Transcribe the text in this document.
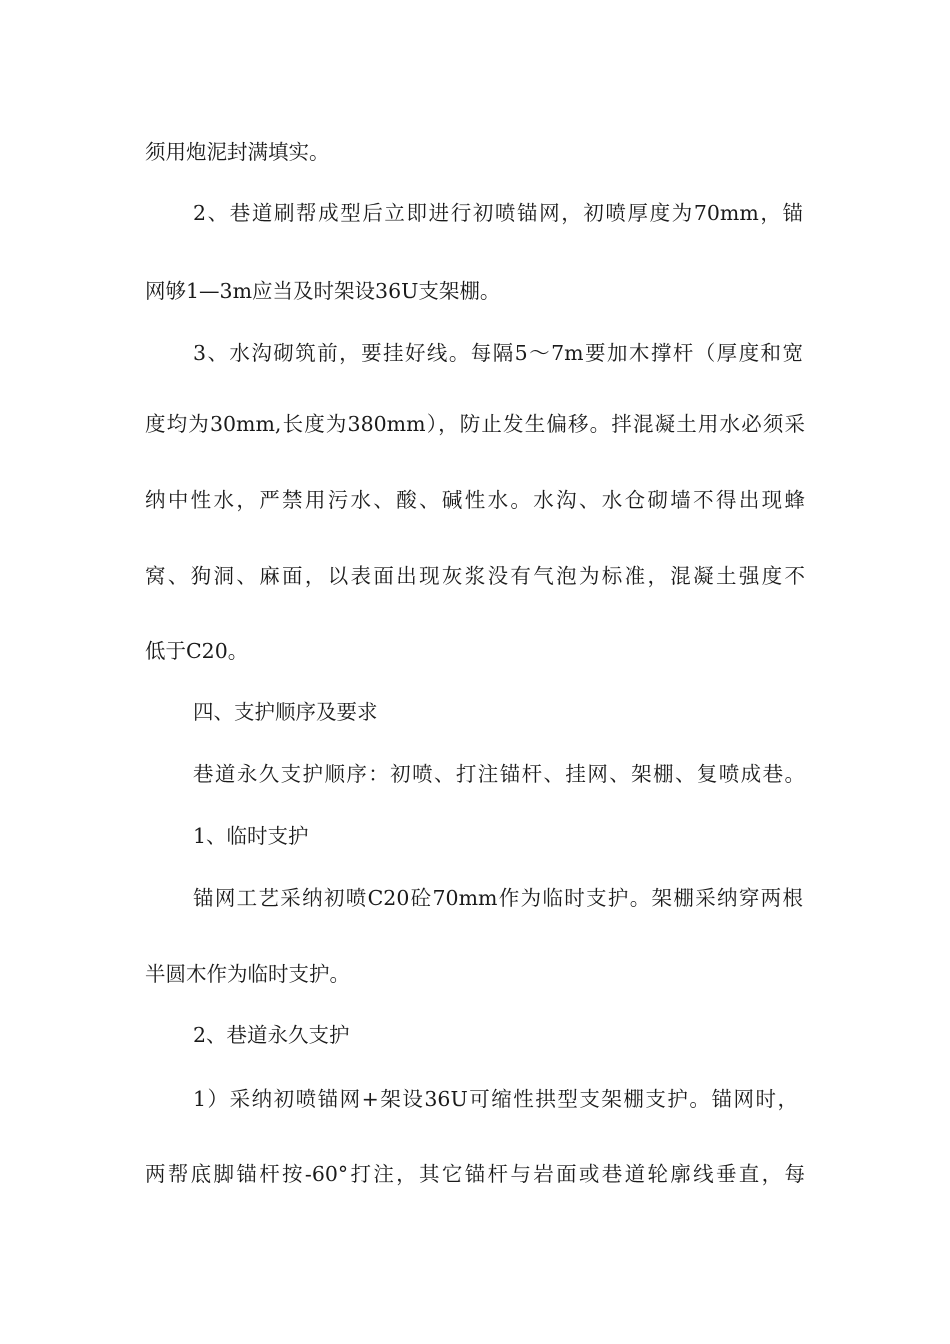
须用炮泥封满填实。
2、巷道刷帮成型后立即进行初喷锚网，初喷厚度为70mm，锚
网够1—3m应当及时架设36U支架棚。
3、水沟砌筑前，要挂好线。每隔5～7m要加木撑杆（厚度和宽
度均为30mm,长度为380mm），防止发生偏移。拌混凝土用水必须采
纳中性水，严禁用污水、酸、碱性水。水沟、水仓砌墙不得出现蜂
窝、狗洞、麻面，以表面出现灰浆没有气泡为标准，混凝土强度不
低于C20。
四、支护顺序及要求
巷道永久支护顺序：初喷、打注锚杆、挂网、架棚、复喷成巷。
1、临时支护
锚网工艺采纳初喷C20砼70mm作为临时支护。架棚采纳穿两根
半圆木作为临时支护。
2、巷道永久支护
1）采纳初喷锚网+架设36U可缩性拱型支架棚支护。锚网时，
两帮底脚锚杆按-60°打注，其它锚杆与岩面或巷道轮廓线垂直，每
